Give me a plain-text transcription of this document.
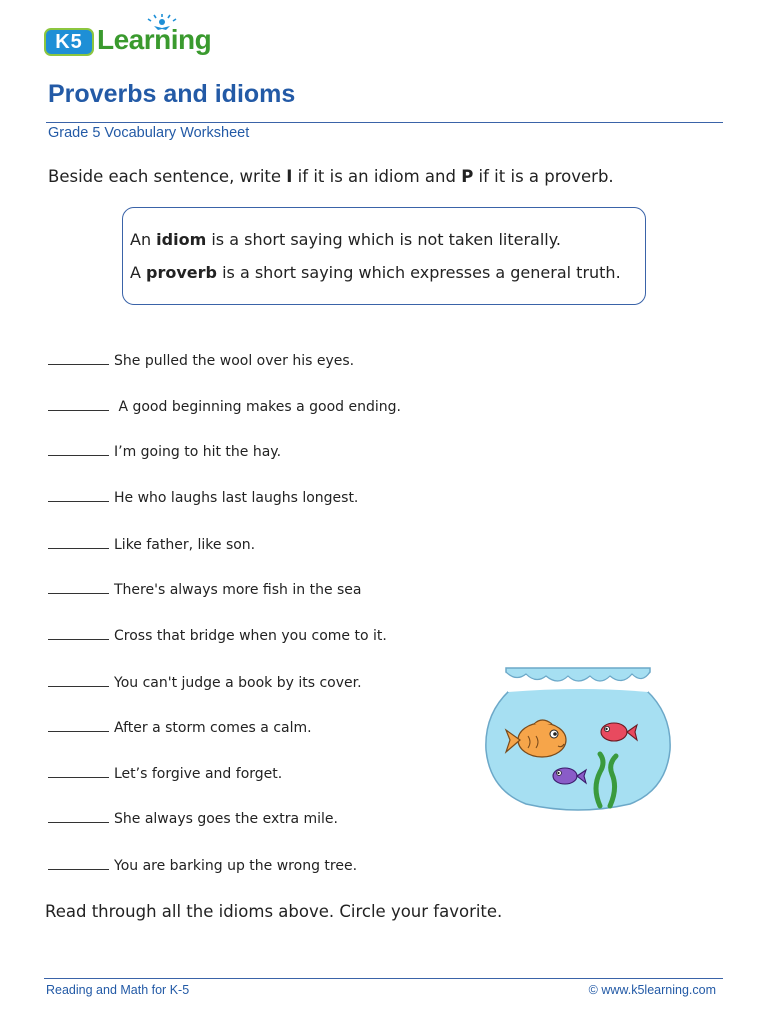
K5 Learning
Proverbs and idioms
Grade 5 Vocabulary Worksheet
Beside each sentence, write I if it is an idiom and P if it is a proverb.
An idiom is a short saying which is not taken literally.
A proverb is a short saying which expresses a general truth.
She pulled the wool over his eyes.
A good beginning makes a good ending.
I’m going to hit the hay.
He who laughs last laughs longest.
Like father, like son.
There's always more fish in the sea
Cross that bridge when you come to it.
You can't judge a book by its cover.
After a storm comes a calm.
Let’s forgive and forget.
She always goes the extra mile.
You are barking up the wrong tree.
Read through all the idioms above. Circle your favorite.
Reading and Math for K-5	© www.k5learning.com
